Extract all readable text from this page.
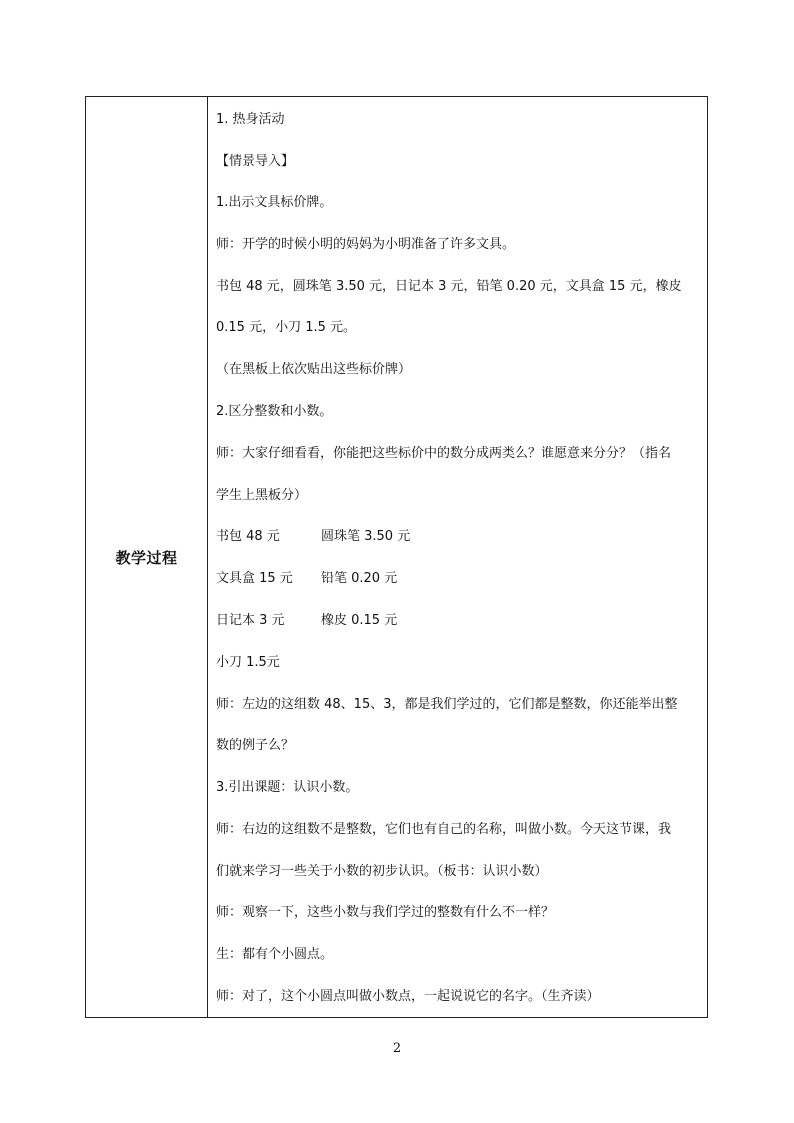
教学过程
1. 热身活动
【情景导入】
1.出示文具标价牌。
师：开学的时候小明的妈妈为小明准备了许多文具。
书包 48 元，圆珠笔 3.50 元，日记本 3 元，铅笔 0.20 元，文具盒 15 元，橡皮
0.15 元，小刀 1.5 元。
（在黑板上依次贴出这些标价牌）
2.区分整数和小数。
师：大家仔细看看，你能把这些标价中的数分成两类么？谁愿意来分分？（指名
学生上黑板分）
书包 48 元	圆珠笔 3.50 元
文具盒 15 元 铅笔 0.20 元
日记本 3 元	橡皮 0.15 元
小刀 1.5元
师：左边的这组数 48、15、3，都是我们学过的，它们都是整数，你还能举出整
数的例子么？
3.引出课题：认识小数。
师：右边的这组数不是整数，它们也有自己的名称，叫做小数。今天这节课，我
们就来学习一些关于小数的初步认识。（板书：认识小数）
师：观察一下，这些小数与我们学过的整数有什么不一样？
生：都有个小圆点。
师：对了，这个小圆点叫做小数点，一起说说它的名字。（生齐读）
2
